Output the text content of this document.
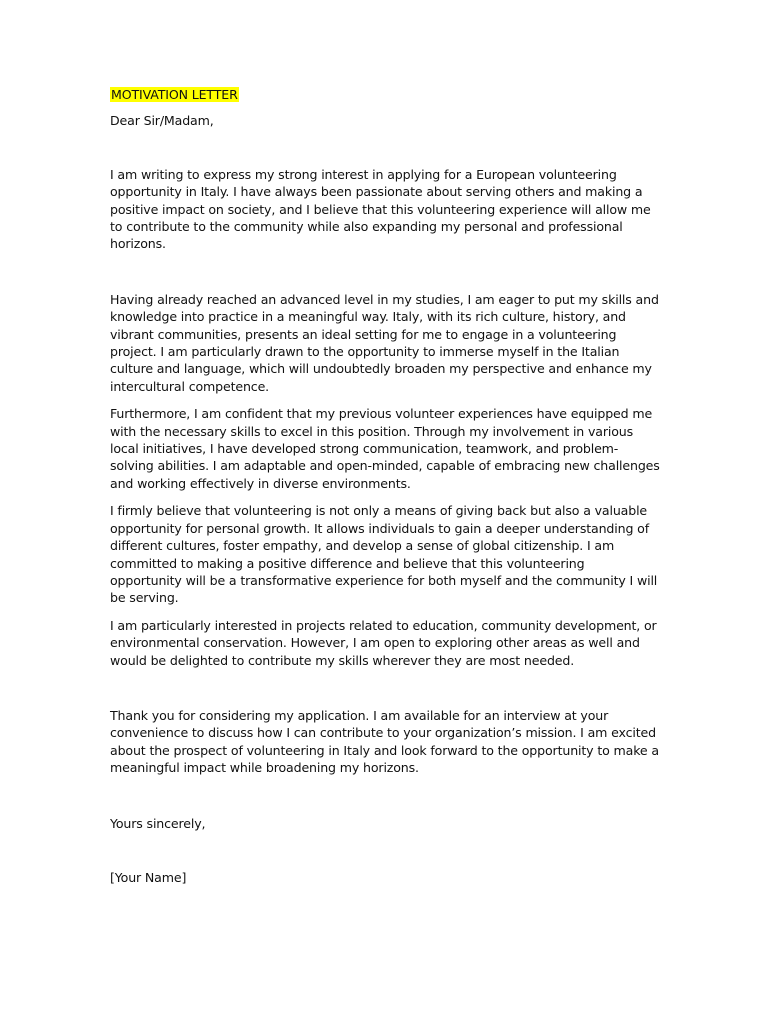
MOTIVATION LETTER

Dear Sir/Madam,

I am writing to express my strong interest in applying for a European volunteering opportunity in Italy. I have always been passionate about serving others and making a positive impact on society, and I believe that this volunteering experience will allow me to contribute to the community while also expanding my personal and professional horizons.

Having already reached an advanced level in my studies, I am eager to put my skills and knowledge into practice in a meaningful way. Italy, with its rich culture, history, and vibrant communities, presents an ideal setting for me to engage in a volunteering project. I am particularly drawn to the opportunity to immerse myself in the Italian culture and language, which will undoubtedly broaden my perspective and enhance my intercultural competence.

Furthermore, I am confident that my previous volunteer experiences have equipped me with the necessary skills to excel in this position. Through my involvement in various local initiatives, I have developed strong communication, teamwork, and problem-solving abilities. I am adaptable and open-minded, capable of embracing new challenges and working effectively in diverse environments.

I firmly believe that volunteering is not only a means of giving back but also a valuable opportunity for personal growth. It allows individuals to gain a deeper understanding of different cultures, foster empathy, and develop a sense of global citizenship. I am committed to making a positive difference and believe that this volunteering opportunity will be a transformative experience for both myself and the community I will be serving.

I am particularly interested in projects related to education, community development, or environmental conservation. However, I am open to exploring other areas as well and would be delighted to contribute my skills wherever they are most needed.

Thank you for considering my application. I am available for an interview at your convenience to discuss how I can contribute to your organization’s mission. I am excited about the prospect of volunteering in Italy and look forward to the opportunity to make a meaningful impact while broadening my horizons.

Yours sincerely,

[Your Name]
